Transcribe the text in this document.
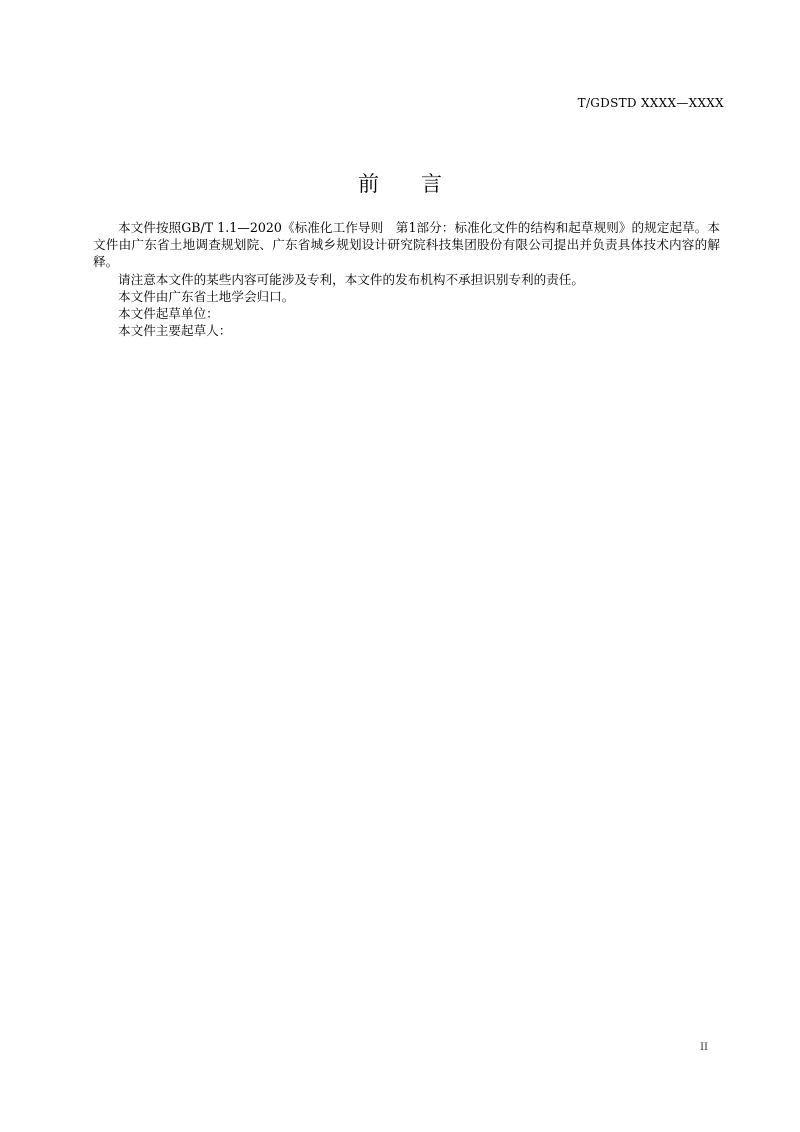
T/GDSTD XXXX—XXXX
前 言

本文件按照GB/T 1.1—2020《标准化工作导则　第1部分：标准化文件的结构和起草规则》的规定起草。本文件由广东省土地调查规划院、广东省城乡规划设计研究院科技集团股份有限公司提出并负责具体技术内容的解释。

请注意本文件的某些内容可能涉及专利，本文件的发布机构不承担识别专利的责任。

本文件由广东省土地学会归口。

本文件起草单位：

本文件主要起草人：

II
